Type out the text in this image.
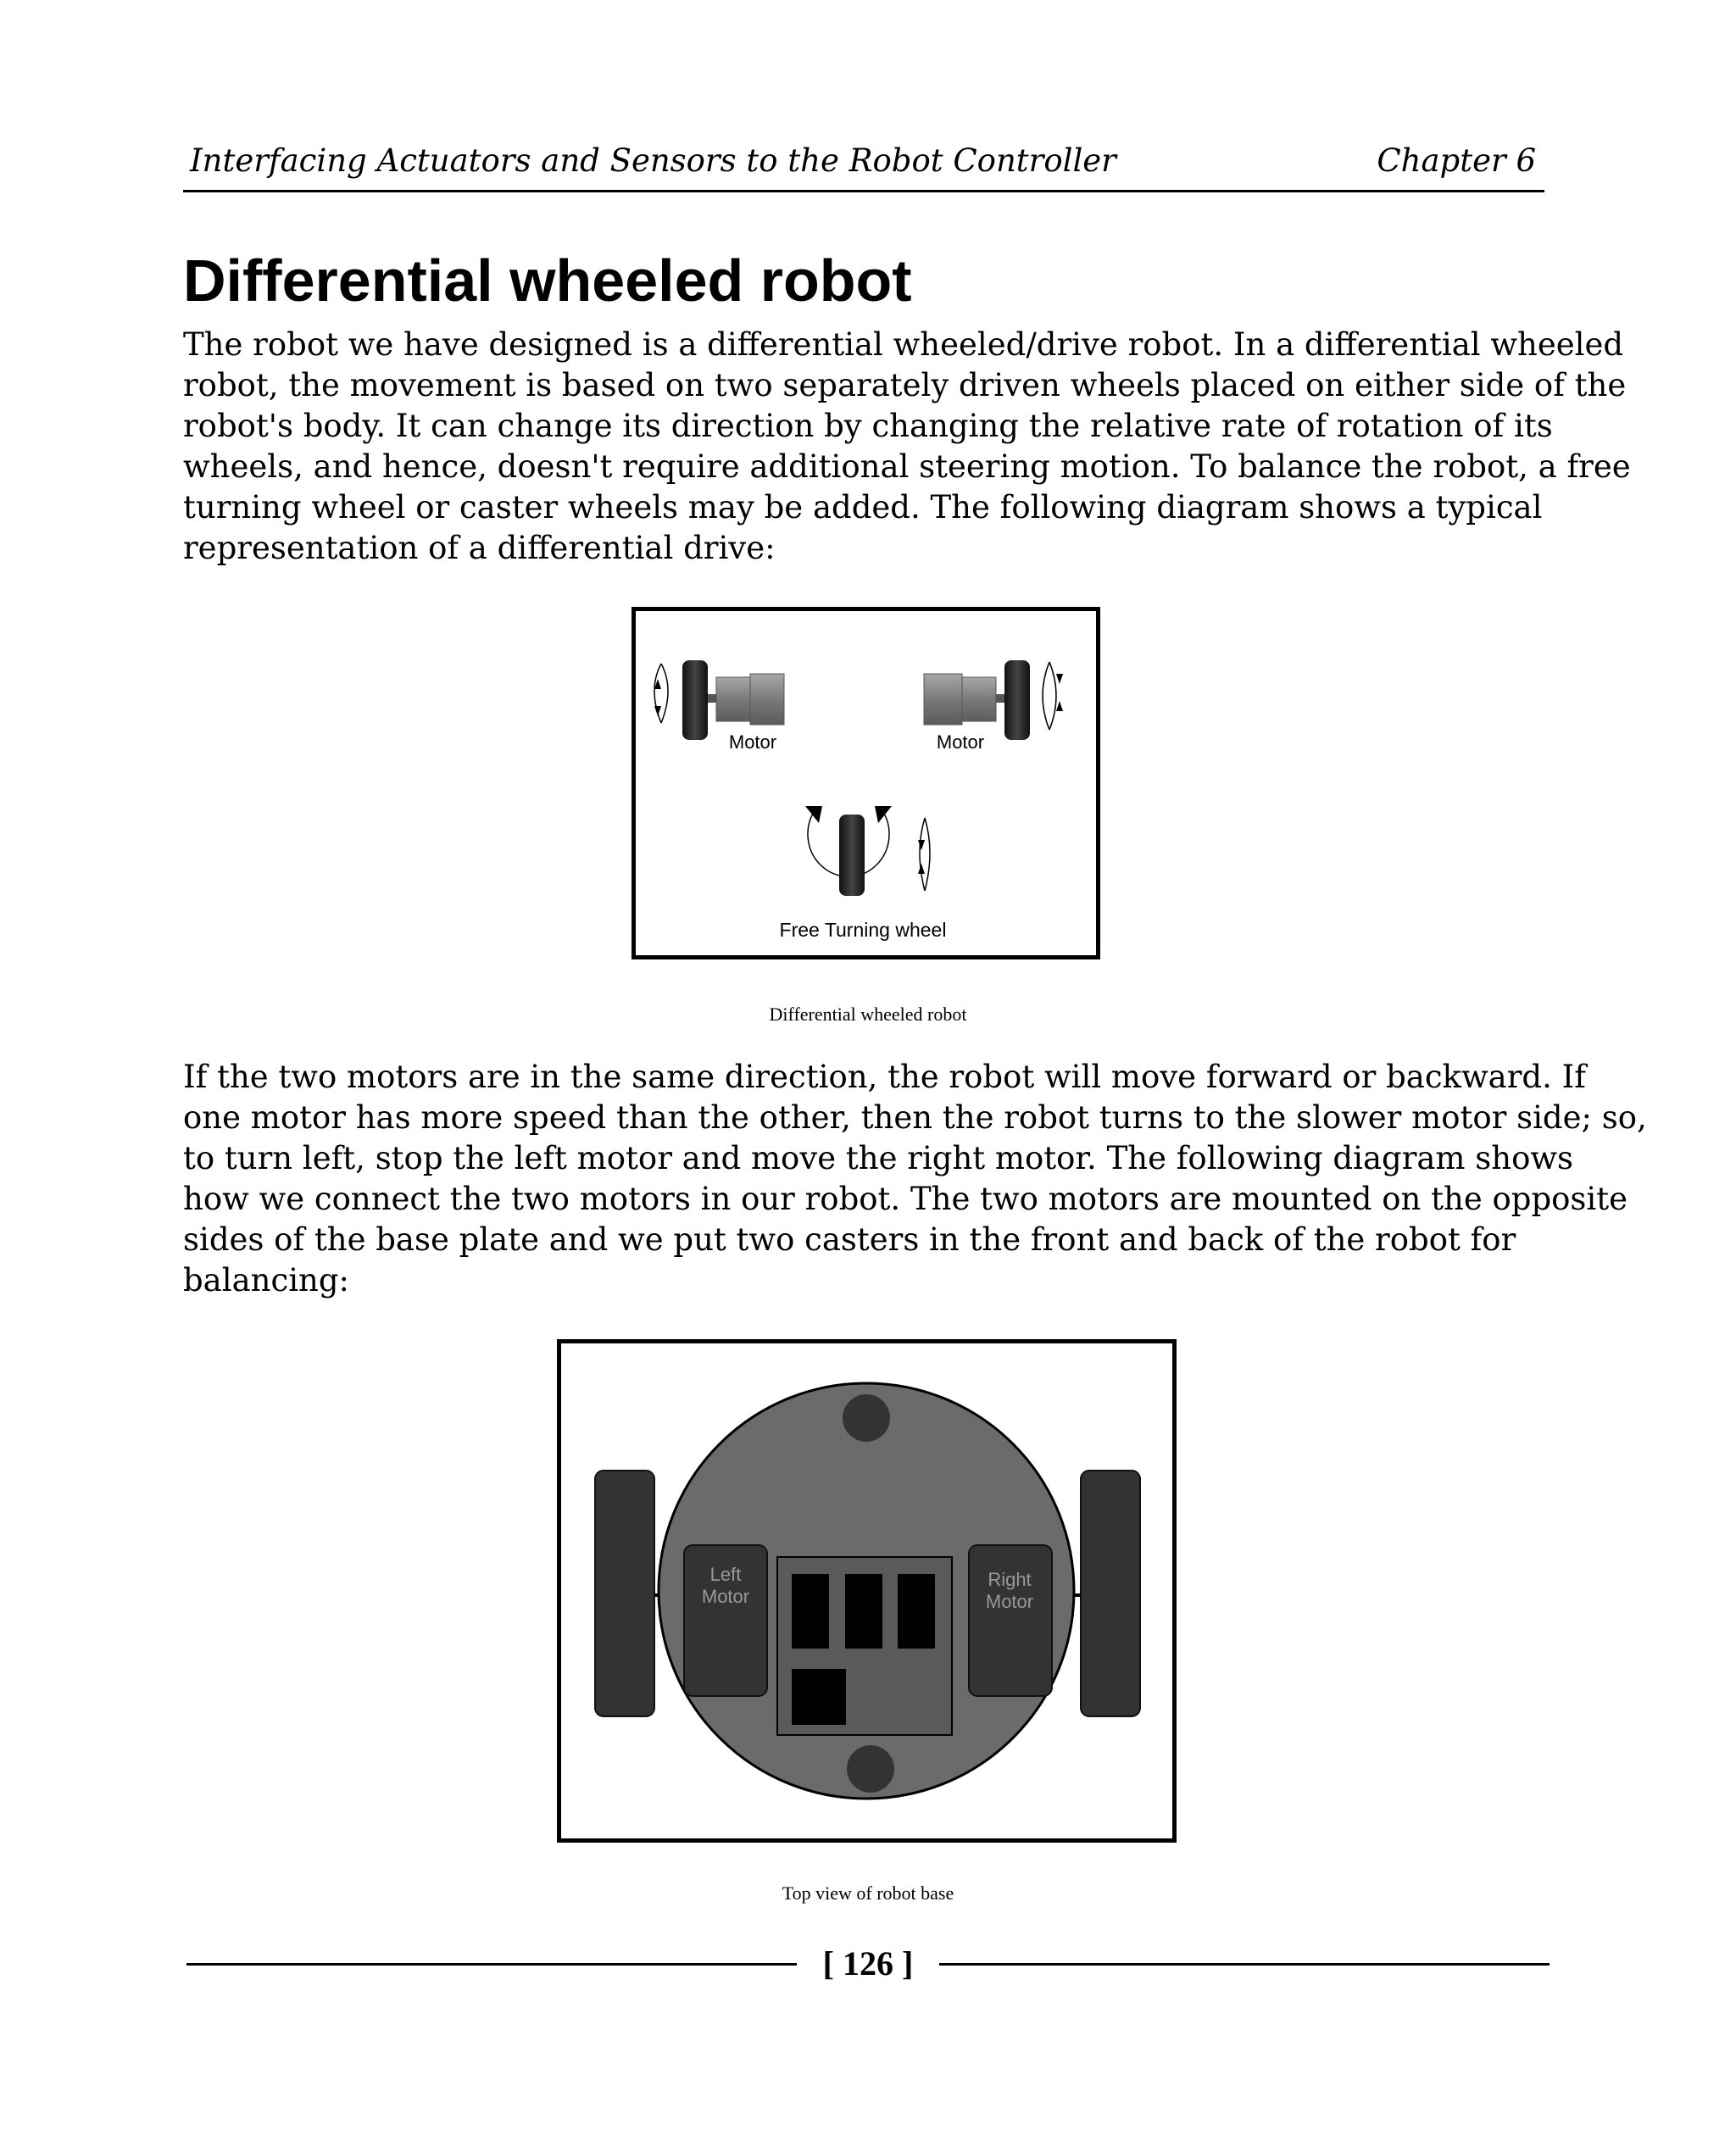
Interfacing Actuators and Sensors to the Robot Controller	Chapter 6
Differential wheeled robot

The robot we have designed is a differential wheeled/drive robot. In a differential wheeled
robot, the movement is based on two separately driven wheels placed on either side of the
robot's body. It can change its direction by changing the relative rate of rotation of its
wheels, and hence, doesn't require additional steering motion. To balance the robot, a free
turning wheel or caster wheels may be added. The following diagram shows a typical
representation of a differential drive:

Motor	Motor
Free Turning wheel
Differential wheeled robot

If the two motors are in the same direction, the robot will move forward or backward. If
one motor has more speed than the other, then the robot turns to the slower motor side; so,
to turn left, stop the left motor and move the right motor. The following diagram shows
how we connect the two motors in our robot. The two motors are mounted on the opposite
sides of the base plate and we put two casters in the front and back of the robot for
balancing:

Left
Motor
Right
Motor
Top view of robot base
[ 126 ]
